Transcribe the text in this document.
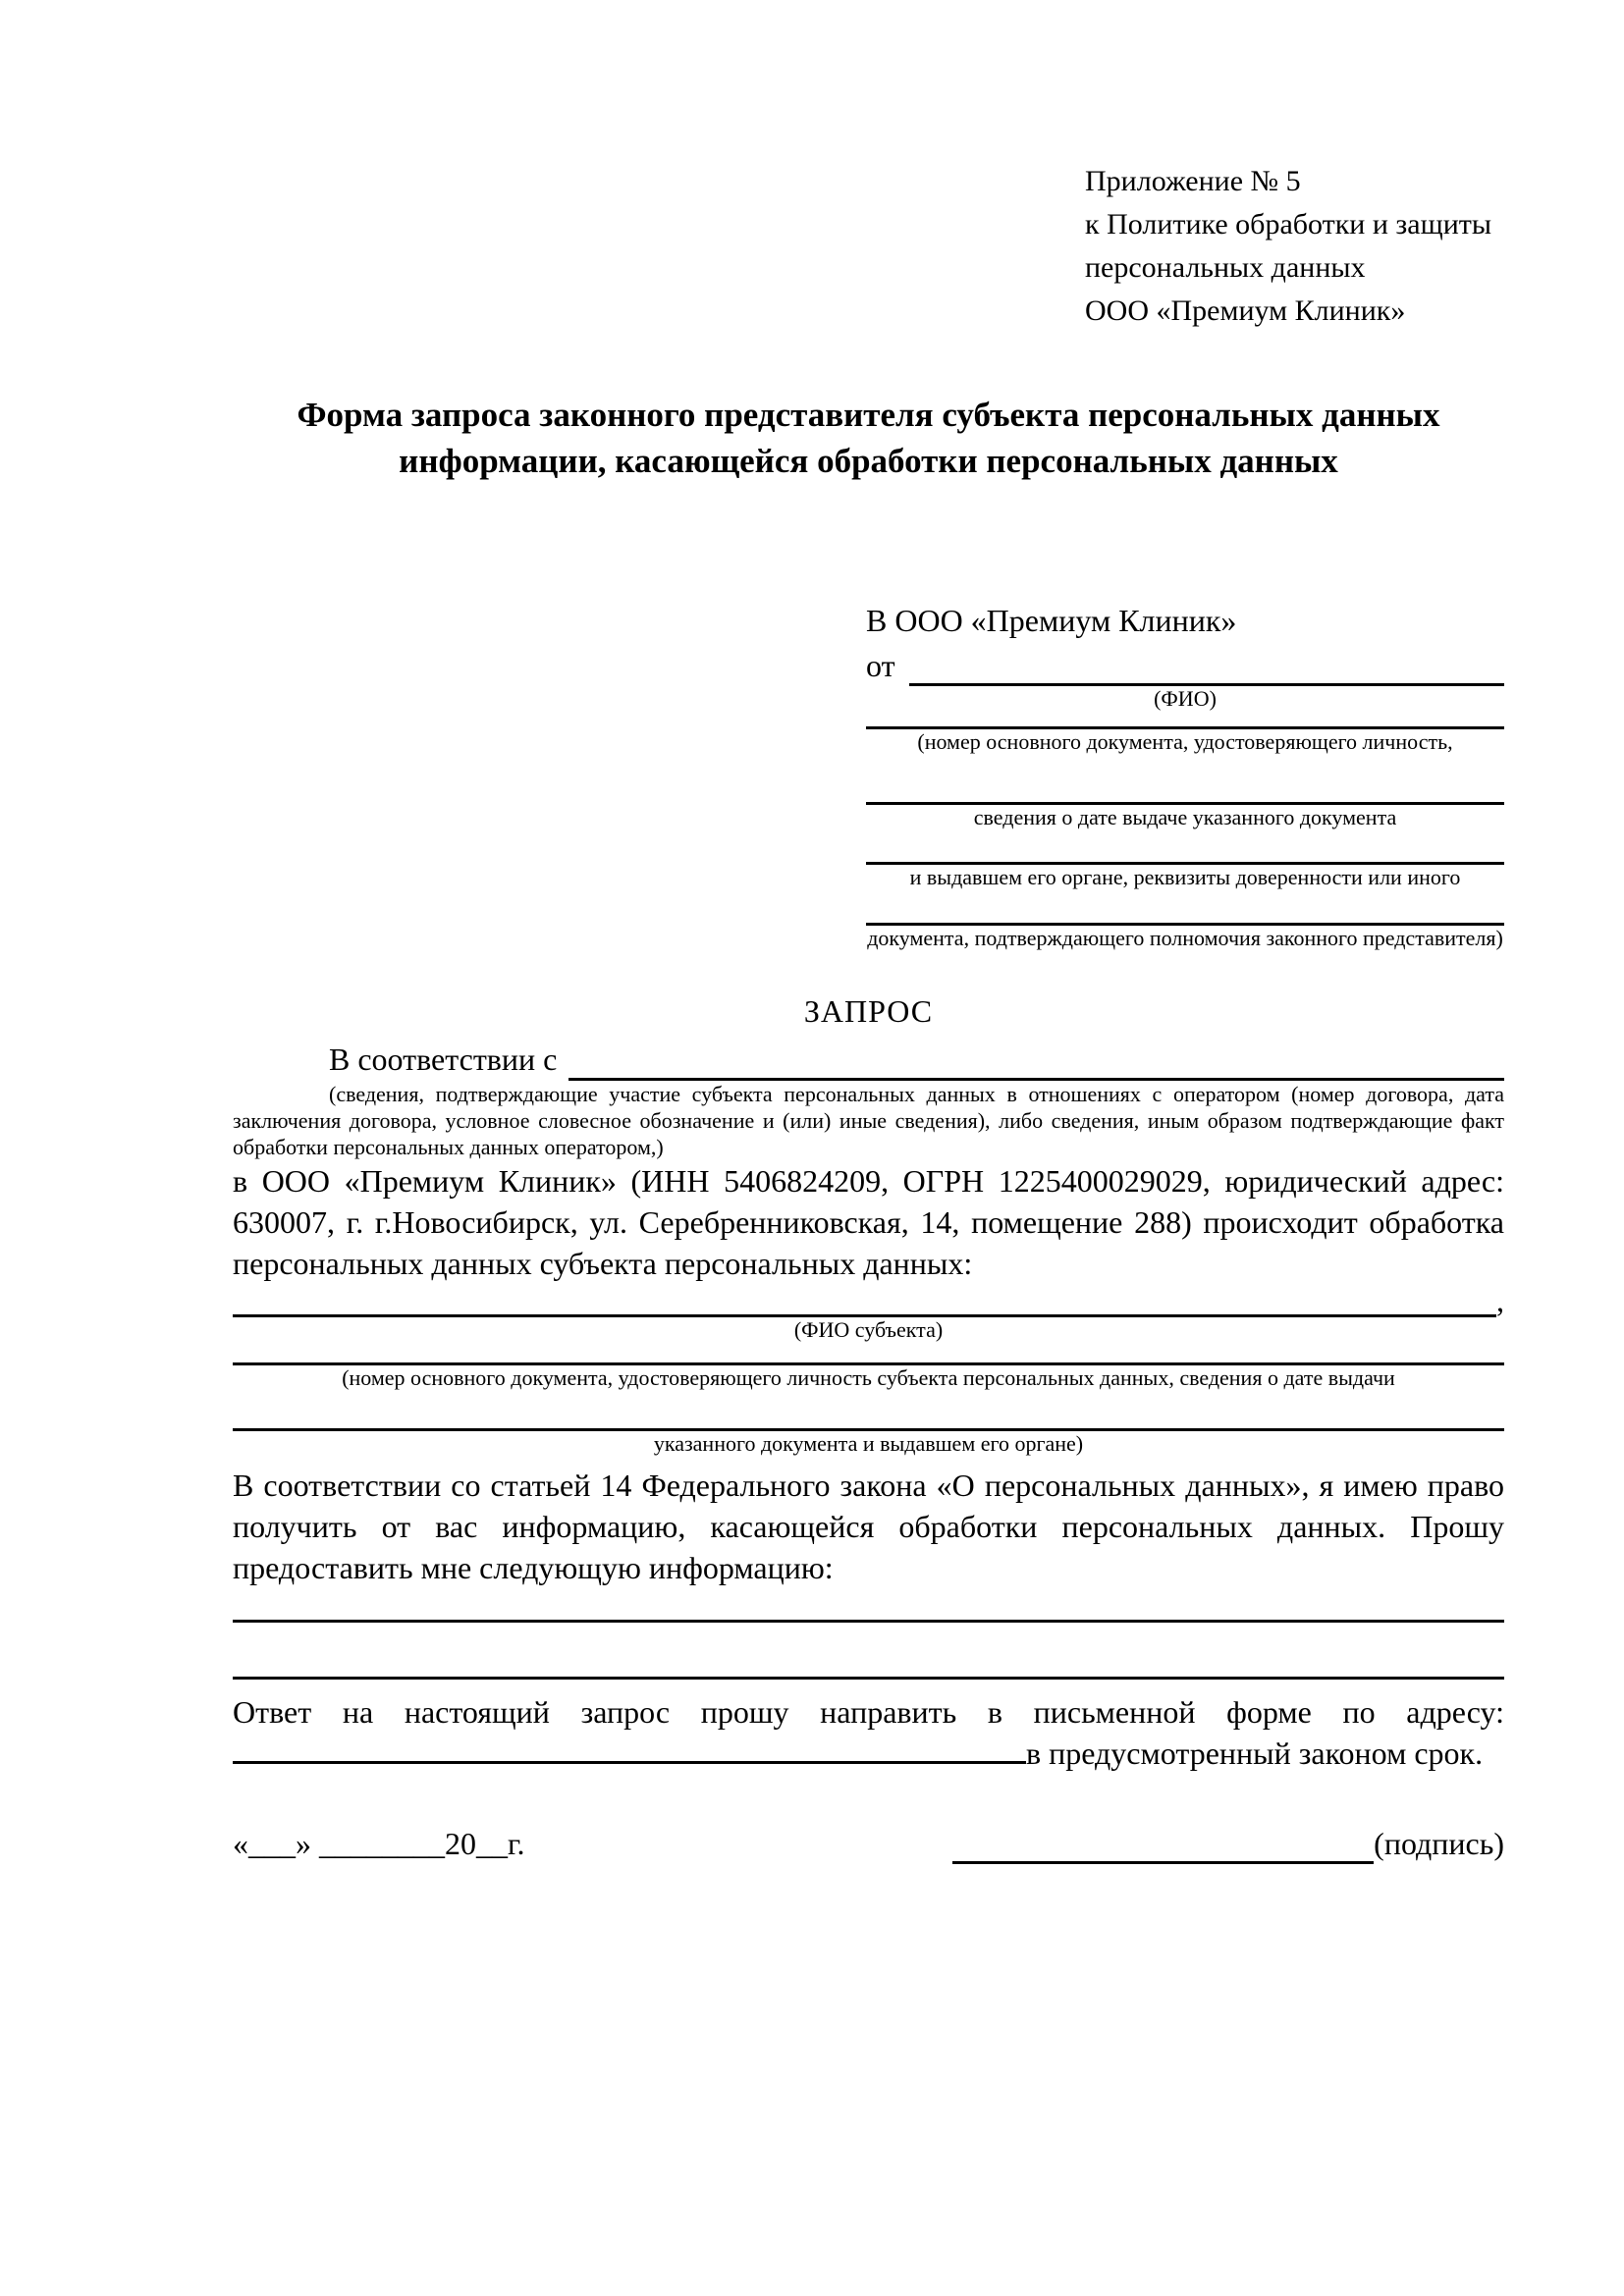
Приложение № 5
к Политике обработки и защиты
персональных данных
ООО «Премиум Клиник»
Форма запроса законного представителя субъекта персональных данных информации, касающейся обработки персональных данных
В ООО «Премиум Клиник»
от
(ФИО)
(номер основного документа, удостоверяющего личность,
сведения о дате выдаче указанного документа
и выдавшем его органе, реквизиты доверенности или иного
документа, подтверждающего полномочия законного представителя)
ЗАПРОС
В соответствии с
(сведения, подтверждающие участие субъекта персональных данных в отношениях с оператором (номер договора, дата заключения договора, условное словесное обозначение и (или) иные сведения), либо сведения, иным образом подтверждающие факт обработки персональных данных оператором,)
в ООО «Премиум Клиник» (ИНН 5406824209, ОГРН 1225400029029, юридический адрес: 630007, г. г.Новосибирск, ул. Серебренниковская, 14, помещение 288) происходит обработка персональных данных субъекта персональных данных:
,
(ФИО субъекта)
(номер основного документа, удостоверяющего личность субъекта персональных данных, сведения о дате выдачи
указанного документа и выдавшем его органе)
В соответствии со статьей 14 Федерального закона «О персональных данных», я имею право получить от вас информацию, касающейся обработки персональных данных. Прошу предоставить мне следующую информацию:
Ответ на настоящий запрос прошу направить в письменной форме по адресу: в предусмотренный законом срок.
«___» ________20__г.	(подпись)
